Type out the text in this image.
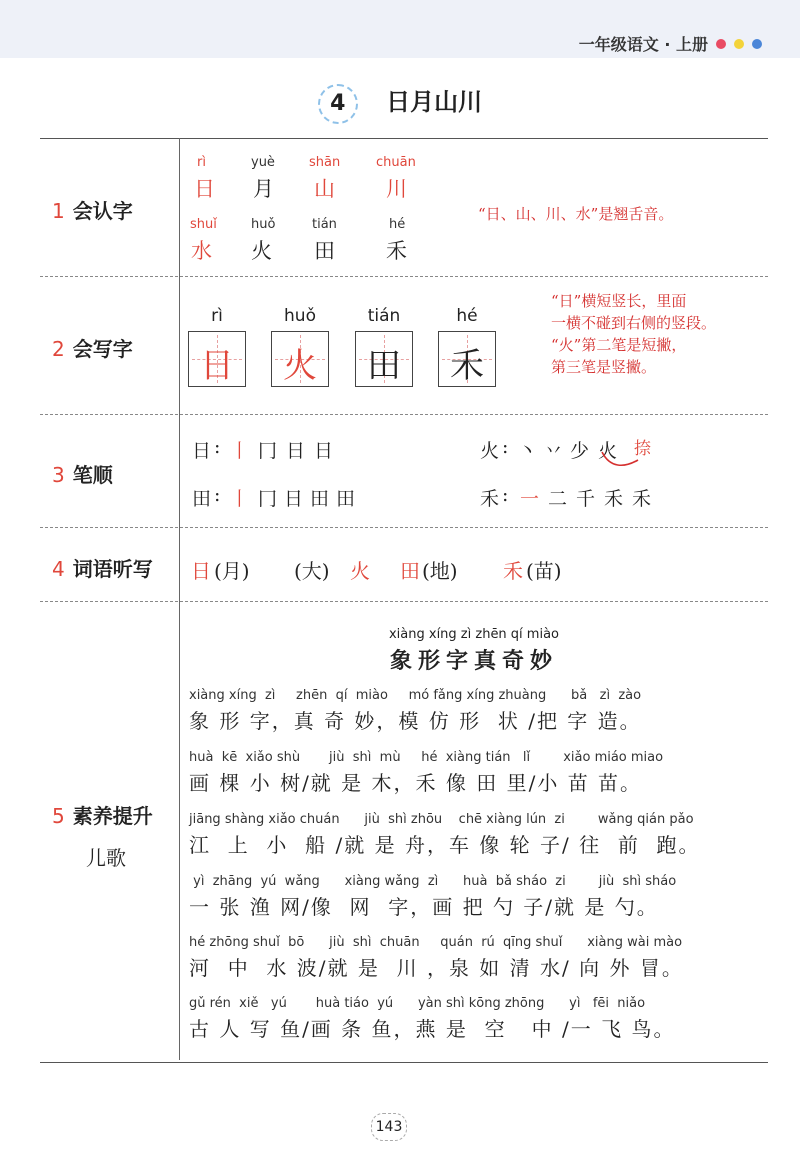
一年级语文 · 上册
4 日月山川
1 会认字
2 会写字
3 笔顺
4 词语听写
5 素养提升
儿歌
rì	yuè	shān	chuān
日 月 山 川
shuǐ	huǒ	tián	hé
水 火 田 禾
“日、山、川、水”是翘舌音。
rì	huǒ	tián	hé
日	火	田	禾
“日”横短竖长，里面
一横不碰到右侧的竖段。
“火”第二笔是短撇，
第三笔是竖撇。
日 : 丨 冂 日 日	火 : 丶 丷 少 火 捺
田 : 丨 冂 日 田 田	禾 : 一 二 千 禾 禾
日 (月) (大) 火 田 (地) 禾 (苗)
xiàng xíng zì zhēn qí miào
象形字真奇妙
xiàng xíng  zì     zhēn  qí  miào     mó fǎng xíng zhuàng      bǎ   zì  zào
象 形 字，真 奇 妙，模 仿 形  状 /把 字 造。
huà  kē  xiǎo shù       jiù  shì  mù     hé  xiàng tián   lǐ        xiǎo miáo miao
画 棵 小 树/就 是 木，禾 像 田 里/小 苗 苗。
jiāng shàng xiǎo chuán      jiù  shì zhōu    chē xiàng lún  zi        wǎng qián pǎo
江  上  小  船 /就 是 舟，车 像 轮 子/ 往  前  跑。
yì  zhāng  yú  wǎng      xiàng wǎng  zì      huà  bǎ sháo  zi        jiù  shì sháo
一 张 渔 网/像  网  字，画 把 勺 子/就 是 勺。
hé zhōng shuǐ  bō      jiù  shì  chuān     quán  rú  qīng shuǐ      xiàng wài mào
河  中  水 波/就 是  川 ，泉 如 清 水/ 向 外 冒。
gǔ rén  xiě   yú       huà tiáo  yú      yàn shì kōng zhōng      yì   fēi  niǎo
古 人 写 鱼/画 条 鱼，燕 是  空   中 /一 飞 鸟。
143
